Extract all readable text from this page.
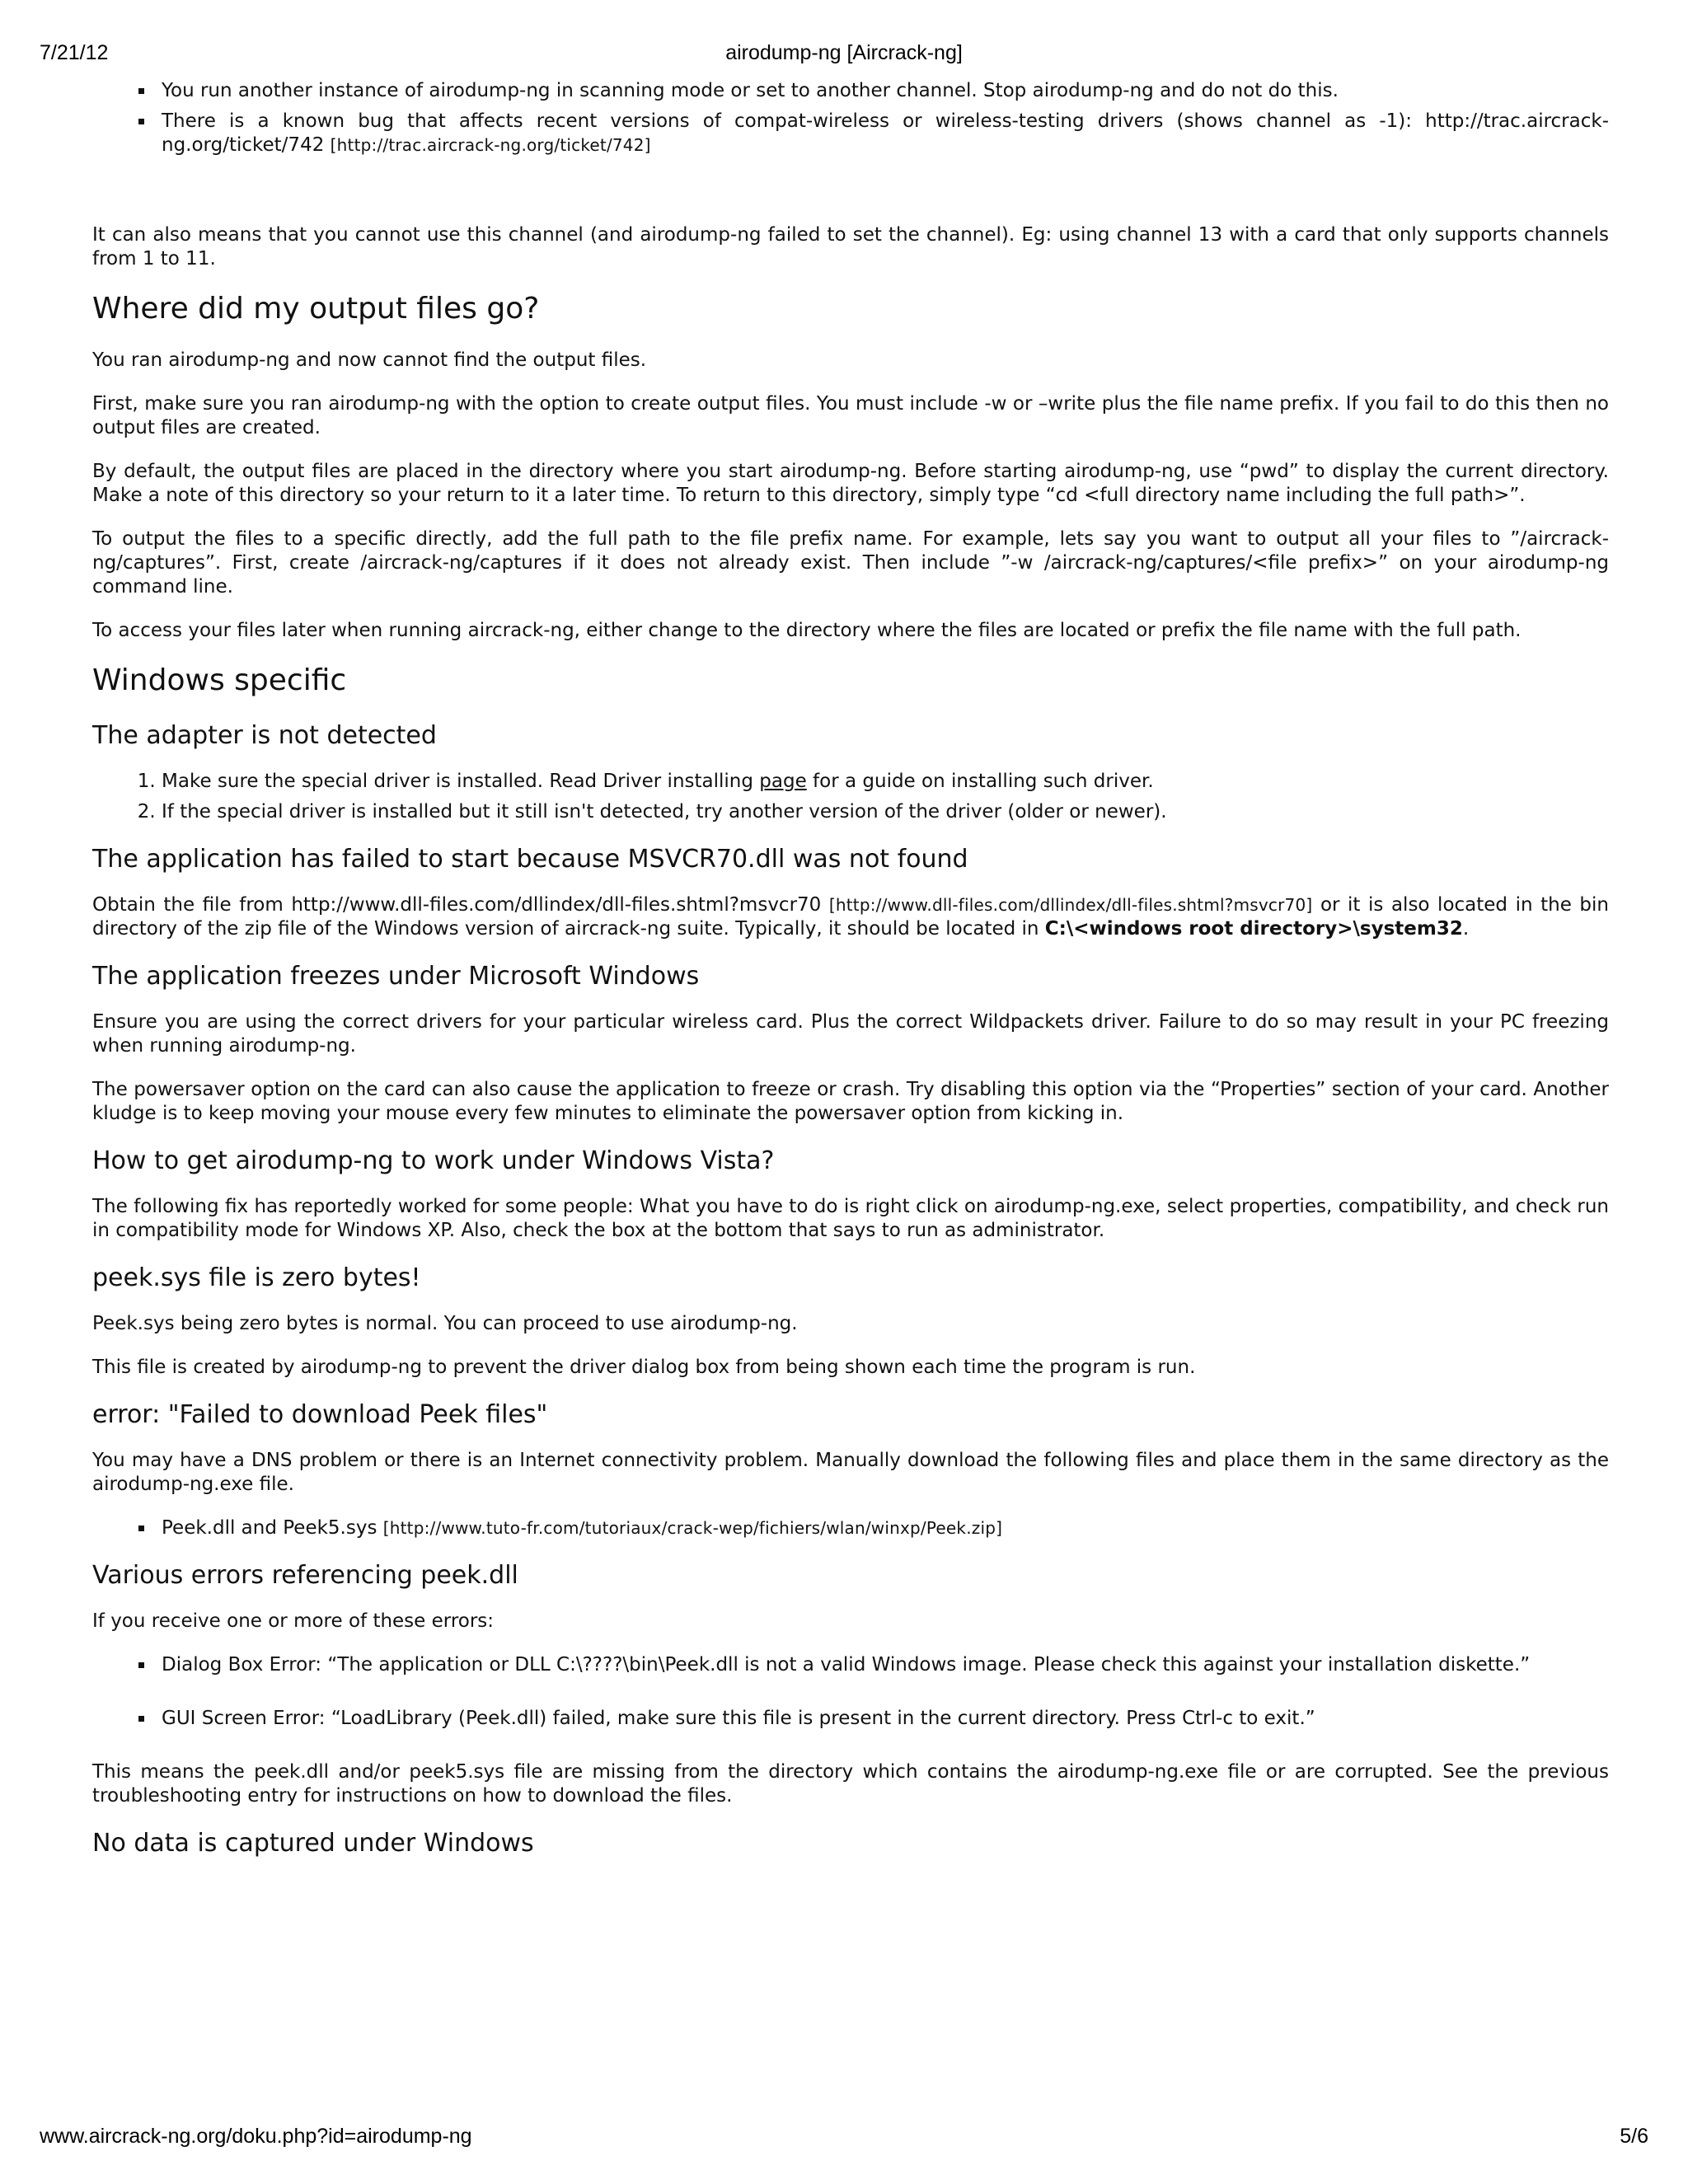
7/21/12	airodump-ng [Aircrack-ng]
You run another instance of airodump-ng in scanning mode or set to another channel. Stop airodump-ng and do not do this.
There is a known bug that affects recent versions of compat-wireless or wireless-testing drivers (shows channel as -1): http://trac.aircrack-ng.org/ticket/742 [http://trac.aircrack-ng.org/ticket/742]

It can also means that you cannot use this channel (and airodump-ng failed to set the channel). Eg: using channel 13 with a card that only supports channels from 1 to 11.

Where did my output files go?

You ran airodump-ng and now cannot find the output files.

First, make sure you ran airodump-ng with the option to create output files. You must include -w or –write plus the file name prefix. If you fail to do this then no output files are created.

By default, the output files are placed in the directory where you start airodump-ng. Before starting airodump-ng, use “pwd” to display the current directory. Make a note of this directory so your return to it a later time. To return to this directory, simply type “cd <full directory name including the full path>”.

To output the files to a specific directly, add the full path to the file prefix name. For example, lets say you want to output all your files to ”/aircrack-ng/captures”. First, create /aircrack-ng/captures if it does not already exist. Then include ”-w /aircrack-ng/captures/<file prefix>” on your airodump-ng command line.

To access your files later when running aircrack-ng, either change to the directory where the files are located or prefix the file name with the full path.

Windows specific
The adapter is not detected
1. Make sure the special driver is installed. Read Driver installing page for a guide on installing such driver.
2. If the special driver is installed but it still isn't detected, try another version of the driver (older or newer).
The application has failed to start because MSVCR70.dll was not found

Obtain the file from http://www.dll-files.com/dllindex/dll-files.shtml?msvcr70 [http://www.dll-files.com/dllindex/dll-files.shtml?msvcr70] or it is also located in the bin directory of the zip file of the Windows version of aircrack-ng suite. Typically, it should be located in C:\<windows root directory>\system32.

The application freezes under Microsoft Windows

Ensure you are using the correct drivers for your particular wireless card. Plus the correct Wildpackets driver. Failure to do so may result in your PC freezing when running airodump-ng.

The powersaver option on the card can also cause the application to freeze or crash. Try disabling this option via the “Properties” section of your card. Another kludge is to keep moving your mouse every few minutes to eliminate the powersaver option from kicking in.

How to get airodump-ng to work under Windows Vista?

The following fix has reportedly worked for some people: What you have to do is right click on airodump-ng.exe, select properties, compatibility, and check run in compatibility mode for Windows XP. Also, check the box at the bottom that says to run as administrator.

peek.sys file is zero bytes!

Peek.sys being zero bytes is normal. You can proceed to use airodump-ng.

This file is created by airodump-ng to prevent the driver dialog box from being shown each time the program is run.

error: "Failed to download Peek files"

You may have a DNS problem or there is an Internet connectivity problem. Manually download the following files and place them in the same directory as the airodump-ng.exe file.

Peek.dll and Peek5.sys [http://www.tuto-fr.com/tutoriaux/crack-wep/fichiers/wlan/winxp/Peek.zip]
Various errors referencing peek.dll

If you receive one or more of these errors:

Dialog Box Error: “The application or DLL C:\????\bin\Peek.dll is not a valid Windows image. Please check this against your installation diskette.”
GUI Screen Error: “LoadLibrary (Peek.dll) failed, make sure this file is present in the current directory. Press Ctrl-c to exit.”

This means the peek.dll and/or peek5.sys file are missing from the directory which contains the airodump-ng.exe file or are corrupted. See the previous troubleshooting entry for instructions on how to download the files.

No data is captured under Windows
www.aircrack-ng.org/doku.php?id=airodump-ng	5/6
